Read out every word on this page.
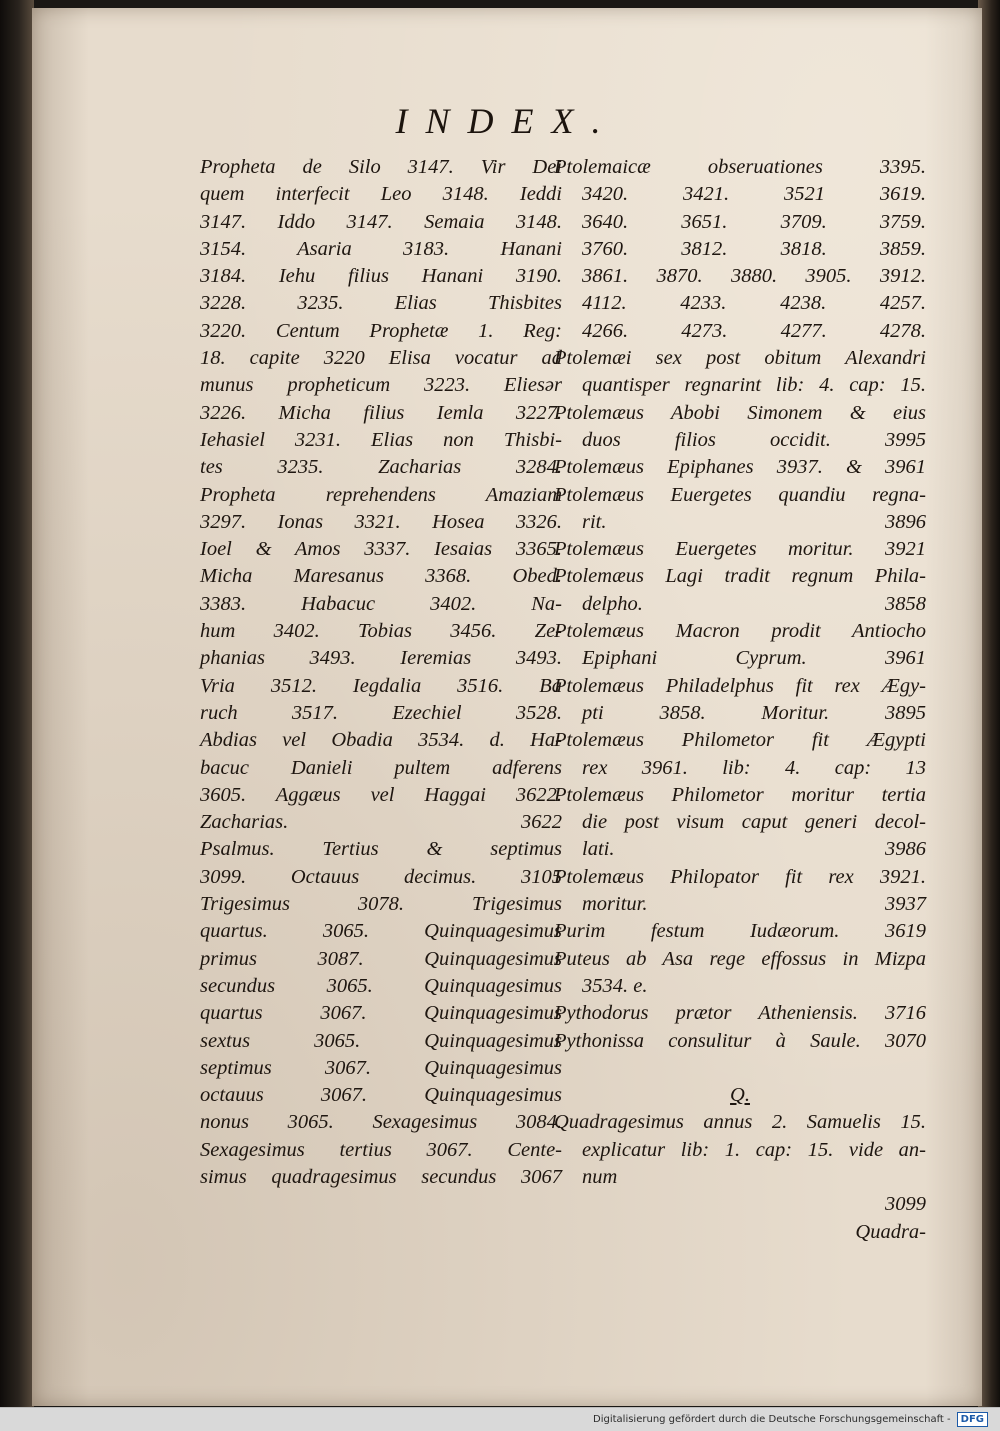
INDEX.
Propheta de Silo 3147. Vir Dei
quem interfecit Leo 3148. Ieddi
3147. Iddo 3147. Semaia 3148.
3154. Asaria 3183. Hanani
3184. Iehu filius Hanani 3190.
3228. 3235. Elias Thisbites
3220. Centum Prophetæ 1. Reg:
18. capite 3220 Elisa vocatur ad
munus propheticum 3223. Eliesər
3226. Micha filius Iemla 3227.
Iehasiel 3231. Elias non Thisbi-
tes 3235. Zacharias 3284.
Propheta reprehendens Amaziam
3297. Ionas 3321. Hosea 3326.
Ioel & Amos 3337. Iesaias 3365.
Micha Maresanus 3368. Obed.
3383. Habacuc 3402. Na-
hum 3402. Tobias 3456. Ze-
phanias 3493. Ieremias 3493.
Vria 3512. Iegdalia 3516. Ba
ruch 3517. Ezechiel 3528.
Abdias vel Obadia 3534. d. Ha-
bacuc Danieli pultem adferens
3605. Aggæus vel Haggai 3622.
Zacharias. 3622
Psalmus. Tertius & septimus
3099. Octauus decimus. 3105
Trigesimus 3078. Trigesimus
quartus. 3065. Quinquagesimus
primus 3087. Quinquagesimus
secundus 3065. Quinquagesimus
quartus 3067. Quinquagesimus
sextus 3065. Quinquagesimus
septimus 3067. Quinquagesimus
octauus 3067. Quinquagesimus
nonus 3065. Sexagesimus 3084.
Sexagesimus tertius 3067. Cente-
simus quadragesimus secundus 3067
Ptolemaicæ obseruationes 3395.
3420. 3421. 3521 3619.
3640. 3651. 3709. 3759.
3760. 3812. 3818. 3859.
3861. 3870. 3880. 3905. 3912.
4112. 4233. 4238. 4257.
4266. 4273. 4277. 4278.
Ptolemæi sex post obitum Alexandri
quantisper regnarint lib: 4. cap: 15.
Ptolemæus Abobi Simonem & eius
duos filios occidit. 3995
Ptolemæus Epiphanes 3937. & 3961
Ptolemæus Euergetes quandiu regna-
rit. 3896
Ptolemæus Euergetes moritur. 3921
Ptolemæus Lagi tradit regnum Phila-
delpho. 3858
Ptolemæus Macron prodit Antiocho
Epiphani Cyprum. 3961
Ptolemæus Philadelphus fit rex Ægy-
pti 3858. Moritur. 3895
Ptolemæus Philometor fit Ægypti
rex 3961. lib: 4. cap: 13
Ptolemæus Philometor moritur tertia
die post visum caput generi decol-
lati. 3986
Ptolemæus Philopator fit rex 3921.
moritur. 3937
Purim festum Iudæorum. 3619
Puteus ab Asa rege effossus in Mizpa
3534. e.
Pythodorus prætor Atheniensis. 3716
Pythonissa consulitur à Saule. 3070
Q.
Quadragesimus annus 2. Samuelis 15.
explicatur lib: 1. cap: 15. vide an-
num
3099
Quadra-
Digitalisierung gefördert durch die Deutsche Forschungsgemeinschaft -	DFG
